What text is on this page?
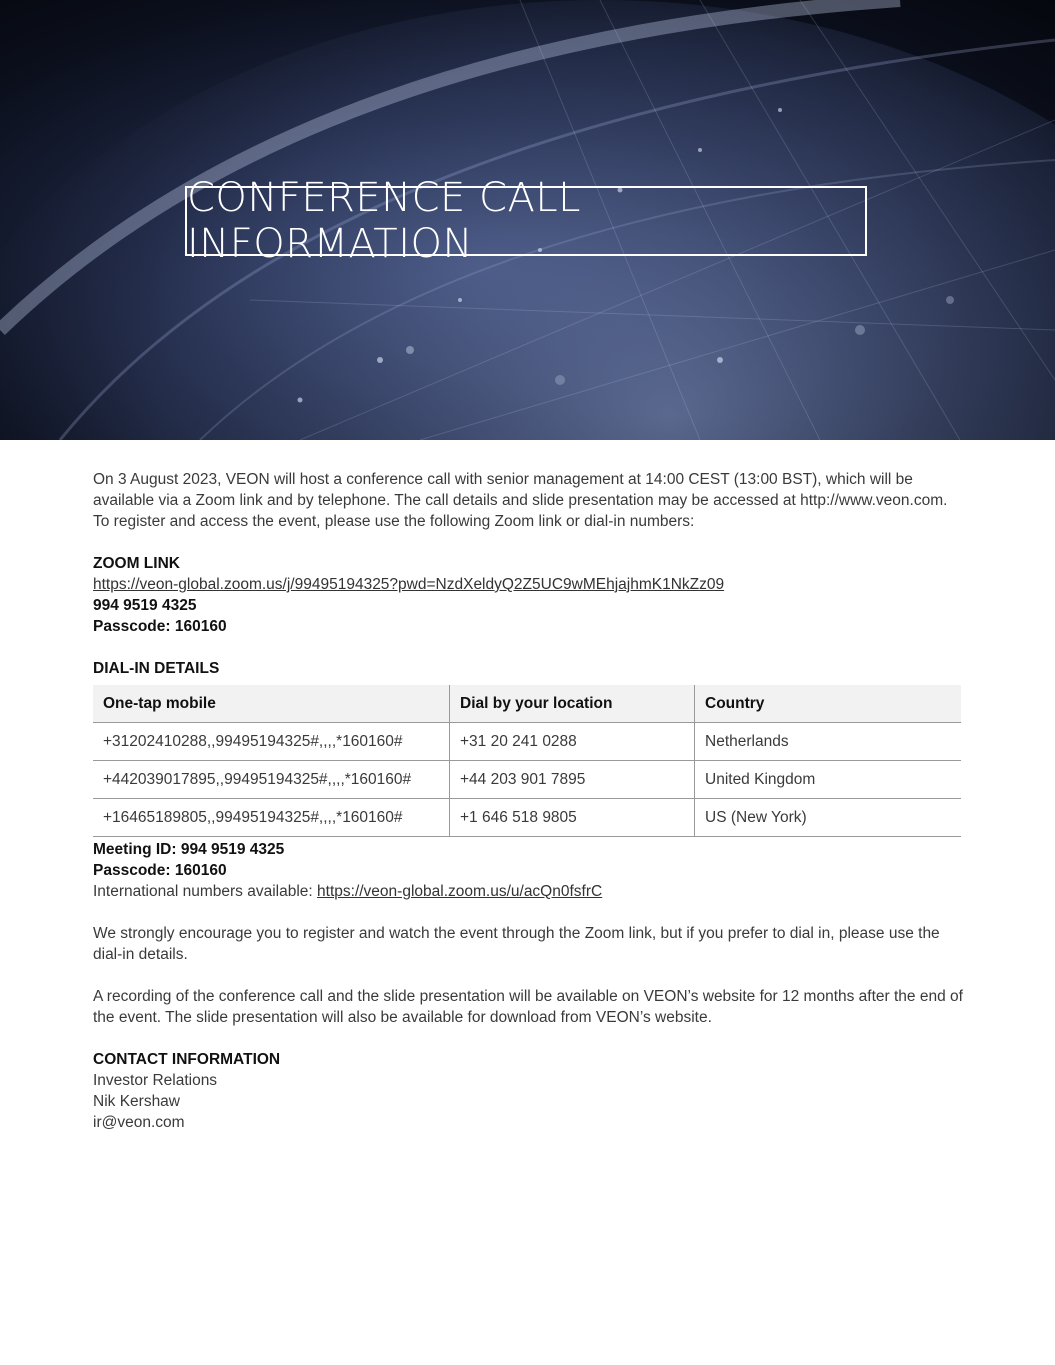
CONFERENCE CALL INFORMATION

On 3 August 2023, VEON will host a conference call with senior management at 14:00 CEST (13:00 BST), which will be available via a Zoom link and by telephone. The call details and slide presentation may be accessed at http://www.veon.com. To register and access the event, please use the following Zoom link or dial-in numbers:

ZOOM LINK

https://veon-global.zoom.us/j/99495194325?pwd=NzdXeldyQ2Z5UC9wMEhjajhmK1NkZz09

994 9519 4325

Passcode: 160160

DIAL-IN DETAILS

One-tap mobile	Dial by your location	Country
+31202410288,,99495194325#,,,,*160160#	+31 20 241 0288	Netherlands
+442039017895,,99495194325#,,,,*160160#	+44 203 901 7895	United Kingdom
+16465189805,,99495194325#,,,,*160160#	+1 646 518 9805	US (New York)

Meeting ID: 994 9519 4325

Passcode: 160160

International numbers available: https://veon-global.zoom.us/u/acQn0fsfrC

We strongly encourage you to register and watch the event through the Zoom link, but if you prefer to dial in, please use the dial-in details.

A recording of the conference call and the slide presentation will be available on VEON’s website for 12 months after the end of the event. The slide presentation will also be available for download from VEON’s website.

CONTACT INFORMATION

Investor Relations

Nik Kershaw

ir@veon.com
